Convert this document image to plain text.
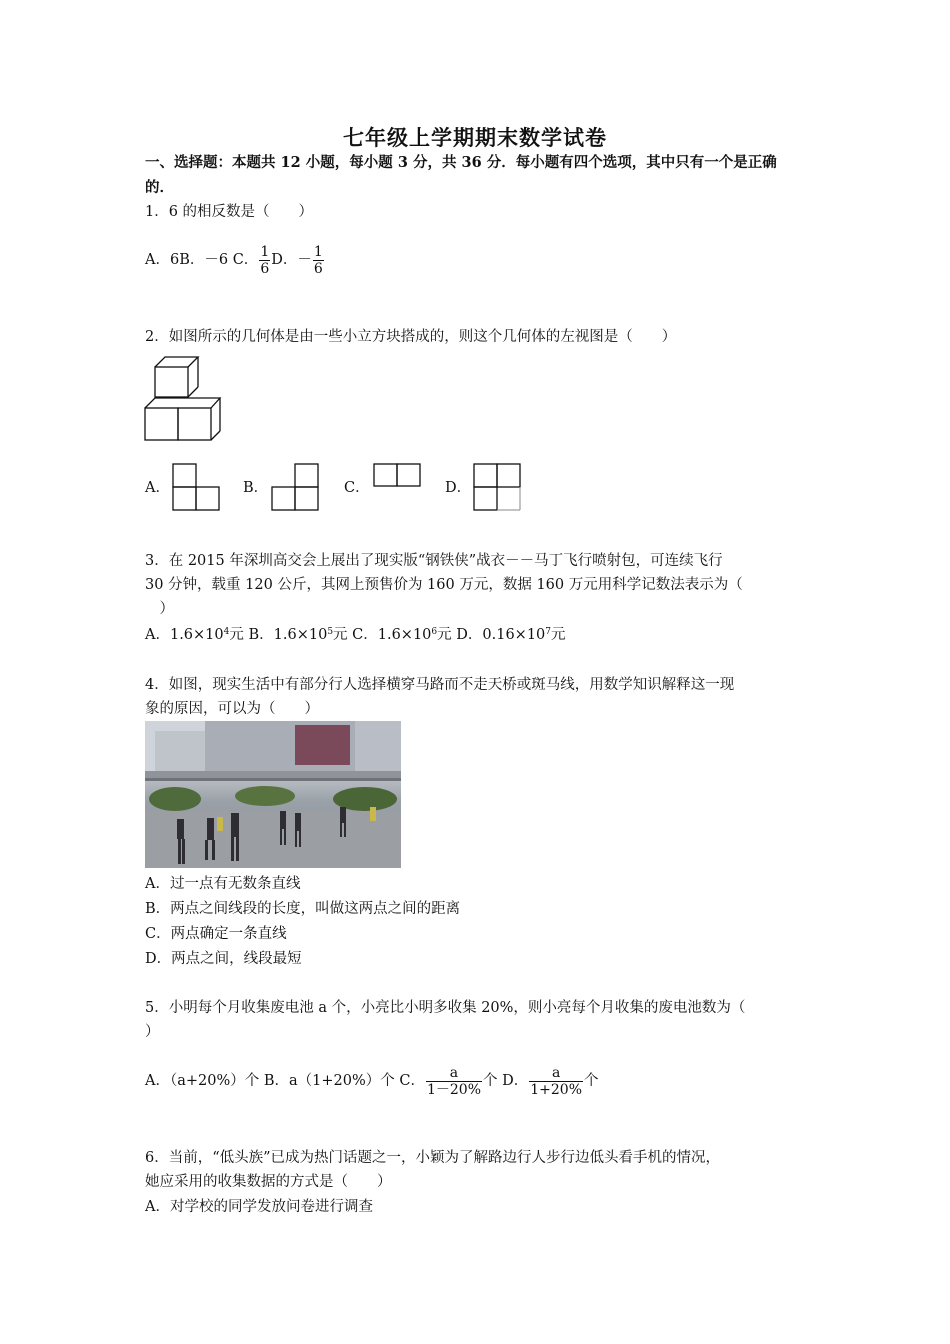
七年级上学期期末数学试卷
一、选择题：本题共 12 小题，每小题 3 分，共 36 分．每小题有四个选项，其中只有一个是正确
的．
1．6 的相反数是（　　）
A．6B．－6 C． $\frac{1}{6}$ D．－ $\frac{1}{6}$
2．如图所示的几何体是由一些小立方块搭成的，则这个几何体的左视图是（　　）
A．	B．	C．	D．
3．在 2015 年深圳高交会上展出了现实版“钢铁侠”战衣－－马丁飞行喷射包，可连续飞行
30 分钟，载重 120 公斤，其网上预售价为 160 万元，数据 160 万元用科学记数法表示为（
　）
A．$1.6\times 10^4$元 B．$1.6\times 10^5$元 C．$1.6\times 10^6$元 D．$0.16\times 10^7$元
4．如图，现实生活中有部分行人选择横穿马路而不走天桥或斑马线，用数学知识解释这一现
象的原因，可以为（　　）
A．过一点有无数条直线
B．两点之间线段的长度，叫做这两点之间的距离
C．两点确定一条直线
D．两点之间，线段最短
5．小明每个月收集废电池 a 个，小亮比小明多收集 20%，则小亮每个月收集的废电池数为（
）
A．（a+20%）个 B．a（1+20%）个 C． $\frac{a}{1-20\%}$ 个 D． $\frac{a}{1+20\%}$ 个
6．当前，“低头族”已成为热门话题之一，小颖为了解路边行人步行边低头看手机的情况，
她应采用的收集数据的方式是（　　）
A．对学校的同学发放问卷进行调查
